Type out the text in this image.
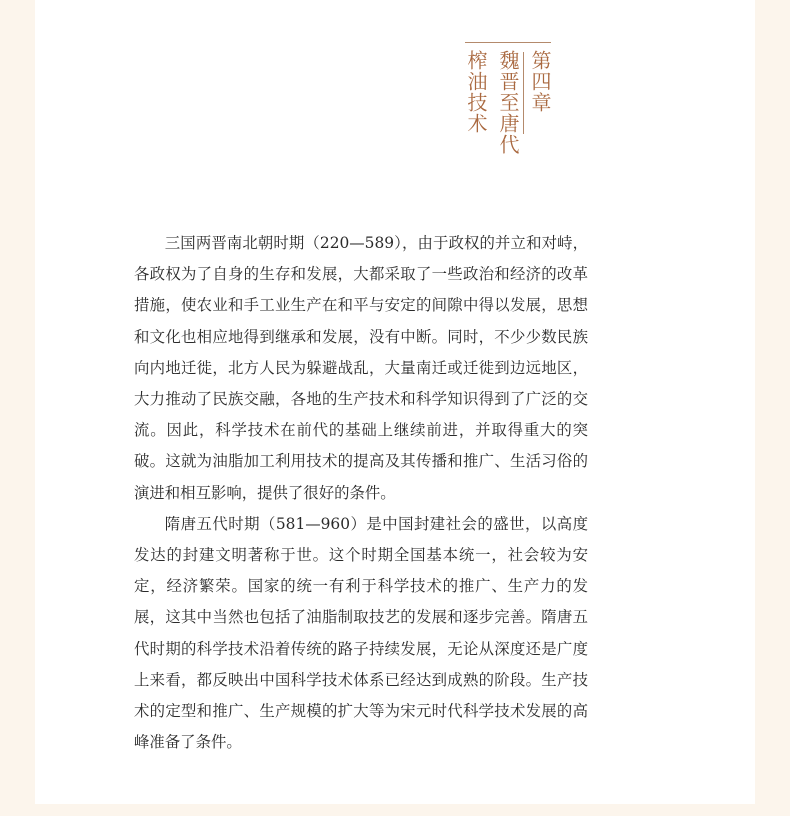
第四章
魏晋至唐代
榨油技术

三国两晋南北朝时期（220—589），由于政权的并立和对峙，各政权为了自身的生存和发展，大都采取了一些政治和经济的改革措施，使农业和手工业生产在和平与安定的间隙中得以发展，思想和文化也相应地得到继承和发展，没有中断。同时，不少少数民族向内地迁徙，北方人民为躲避战乱，大量南迁或迁徙到边远地区，大力推动了民族交融，各地的生产技术和科学知识得到了广泛的交流。因此，科学技术在前代的基础上继续前进，并取得重大的突破。这就为油脂加工利用技术的提高及其传播和推广、生活习俗的演进和相互影响，提供了很好的条件。

隋唐五代时期（581—960）是中国封建社会的盛世，以高度发达的封建文明著称于世。这个时期全国基本统一，社会较为安定，经济繁荣。国家的统一有利于科学技术的推广、生产力的发展，这其中当然也包括了油脂制取技艺的发展和逐步完善。隋唐五代时期的科学技术沿着传统的路子持续发展，无论从深度还是广度上来看，都反映出中国科学技术体系已经达到成熟的阶段。生产技术的定型和推广、生产规模的扩大等为宋元时代科学技术发展的高峰准备了条件。
